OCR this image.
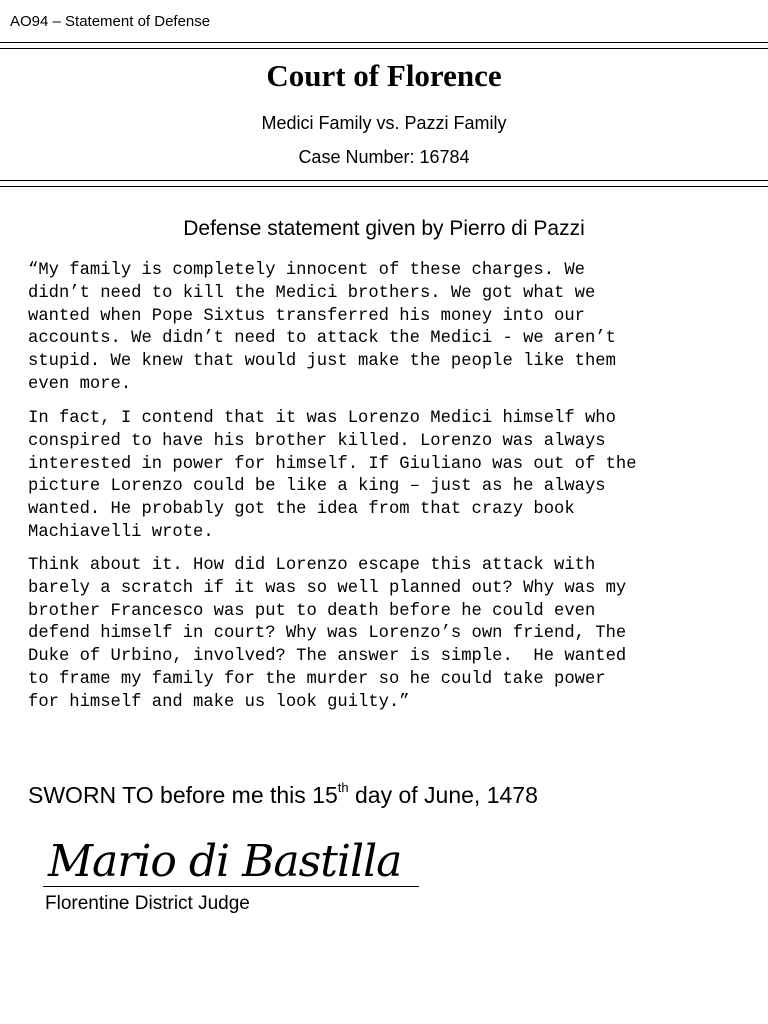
AO94 – Statement of Defense
Court of Florence
Medici Family vs. Pazzi Family
Case Number: 16784
Defense statement given by Pierro di Pazzi
“My family is completely innocent of these charges. We
didn’t need to kill the Medici brothers. We got what we
wanted when Pope Sixtus transferred his money into our
accounts. We didn’t need to attack the Medici - we aren’t
stupid. We knew that would just make the people like them
even more.
In fact, I contend that it was Lorenzo Medici himself who
conspired to have his brother killed. Lorenzo was always
interested in power for himself. If Giuliano was out of the
picture Lorenzo could be like a king – just as he always
wanted. He probably got the idea from that crazy book
Machiavelli wrote.
Think about it. How did Lorenzo escape this attack with
barely a scratch if it was so well planned out? Why was my
brother Francesco was put to death before he could even
defend himself in court? Why was Lorenzo’s own friend, The
Duke of Urbino, involved? The answer is simple.  He wanted
to frame my family for the murder so he could take power
for himself and make us look guilty.”
SWORN TO before me this 15th day of June, 1478
Mario di Bastilla
Florentine District Judge
